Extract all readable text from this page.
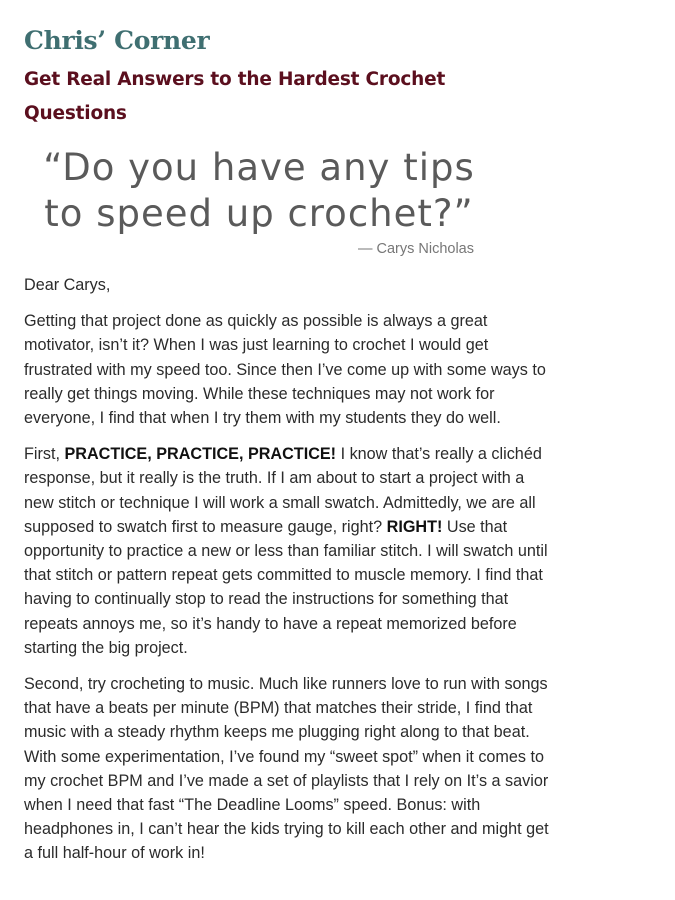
Chris’ Corner
Get Real Answers to the Hardest Crochet Questions
“Do you have any tips
to speed up crochet?”
— Carys Nicholas

Dear Carys,

Getting that project done as quickly as possible is always a great motivator, isn’t it? When I was just learning to crochet I would get frustrated with my speed too. Since then I’ve come up with some ways to really get things moving. While these techniques may not work for everyone, I find that when I try them with my students they do well.

First, PRACTICE, PRACTICE, PRACTICE! I know that’s really a clichéd response, but it really is the truth. If I am about to start a project with a new stitch or technique I will work a small swatch. Admittedly, we are all supposed to swatch first to measure gauge, right? RIGHT! Use that opportunity to practice a new or less than familiar stitch. I will swatch until that stitch or pattern repeat gets committed to muscle memory. I find that having to continually stop to read the instructions for something that repeats annoys me, so it’s handy to have a repeat memorized before starting the big project.

Second, try crocheting to music. Much like runners love to run with songs that have a beats per minute (BPM) that matches their stride, I find that music with a steady rhythm keeps me plugging right along to that beat. With some experimentation, I’ve found my “sweet spot” when it comes to my crochet BPM and I’ve made a set of playlists that I rely on It’s a savior when I need that fast “The Deadline Looms” speed. Bonus: with headphones in, I can’t hear the kids trying to kill each other and might get a full half-hour of work in!
